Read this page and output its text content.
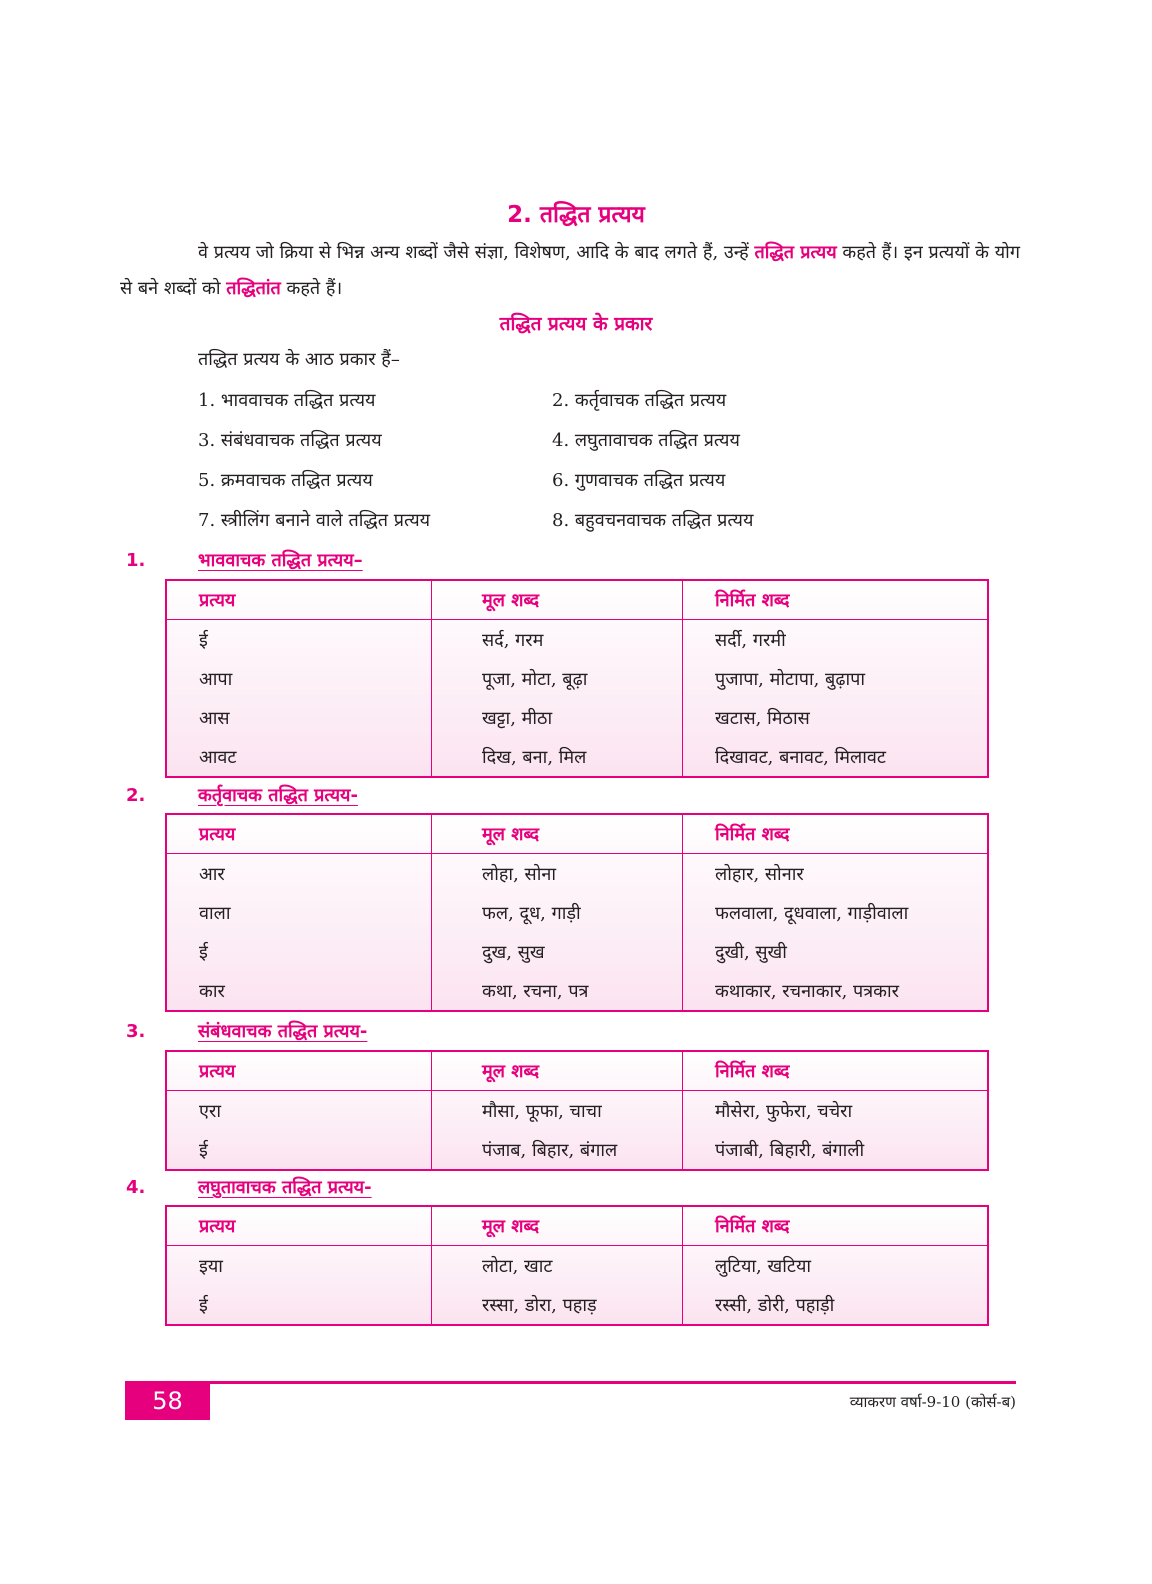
2. तद्धित प्रत्यय
वे प्रत्यय जो क्रिया से भिन्न अन्य शब्दों जैसे संज्ञा, विशेषण, आदि के बाद लगते हैं, उन्हें तद्धित प्रत्यय कहते हैं। इन प्रत्ययों के योग से बने शब्दों को तद्धितांत कहते हैं।
तद्धित प्रत्यय के प्रकार
तद्धित प्रत्यय के आठ प्रकार हैं–
1. भाववाचक तद्धित प्रत्यय	2. कर्तृवाचक तद्धित प्रत्यय
3. संबंधवाचक तद्धित प्रत्यय	4. लघुतावाचक तद्धित प्रत्यय
5. क्रमवाचक तद्धित प्रत्यय	6. गुणवाचक तद्धित प्रत्यय
7. स्त्रीलिंग बनाने वाले तद्धित प्रत्यय	8. बहुवचनवाचक तद्धित प्रत्यय
1.	भाववाचक तद्धित प्रत्यय–
प्रत्यय	मूल शब्द	निर्मित शब्द
ई	सर्द, गरम	सर्दी, गरमी
आपा	पूजा, मोटा, बूढ़ा	पुजापा, मोटापा, बुढ़ापा
आस	खट्टा, मीठा	खटास, मिठास
आवट	दिख, बना, मिल	दिखावट, बनावट, मिलावट
2.	कर्तृवाचक तद्धित प्रत्यय-
प्रत्यय	मूल शब्द	निर्मित शब्द
आर	लोहा, सोना	लोहार, सोनार
वाला	फल, दूध, गाड़ी	फलवाला, दूधवाला, गाड़ीवाला
ई	दुख, सुख	दुखी, सुखी
कार	कथा, रचना, पत्र	कथाकार, रचनाकार, पत्रकार
3.	संबंधवाचक तद्धित प्रत्यय-
प्रत्यय	मूल शब्द	निर्मित शब्द
एरा	मौसा, फूफा, चाचा	मौसेरा, फुफेरा, चचेरा
ई	पंजाब, बिहार, बंगाल	पंजाबी, बिहारी, बंगाली
4.	लघुतावाचक तद्धित प्रत्यय-
प्रत्यय	मूल शब्द	निर्मित शब्द
इया	लोटा, खाट	लुटिया, खटिया
ई	रस्सा, डोरा, पहाड़	रस्सी, डोरी, पहाड़ी
58	व्याकरण वर्षा-9-10 (कोर्स-ब)
